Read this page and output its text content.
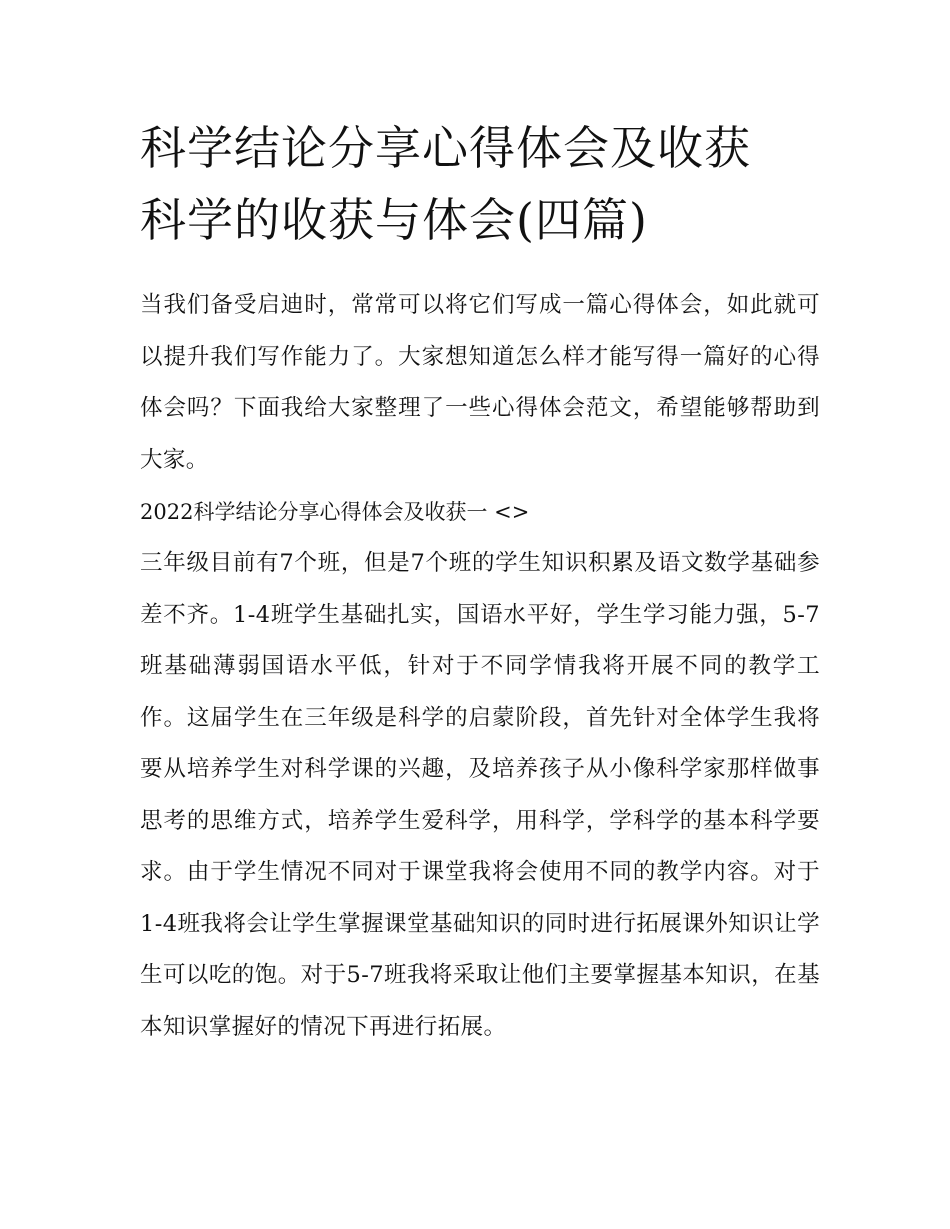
科学结论分享心得体会及收获
科学的收获与体会(四篇)

当我们备受启迪时，常常可以将它们写成一篇心得体会，如此就可以提升我们写作能力了。大家想知道怎么样才能写得一篇好的心得体会吗？下面我给大家整理了一些心得体会范文，希望能够帮助到大家。

2022科学结论分享心得体会及收获一 <>

三年级目前有7个班，但是7个班的学生知识积累及语文数学基础参差不齐。1-4班学生基础扎实，国语水平好，学生学习能力强，5-7班基础薄弱国语水平低，针对于不同学情我将开展不同的教学工作。这届学生在三年级是科学的启蒙阶段，首先针对全体学生我将要从培养学生对科学课的兴趣，及培养孩子从小像科学家那样做事思考的思维方式，培养学生爱科学，用科学，学科学的基本科学要求。由于学生情况不同对于课堂我将会使用不同的教学内容。对于1-4班我将会让学生掌握课堂基础知识的同时进行拓展课外知识让学生可以吃的饱。对于5-7班我将采取让他们主要掌握基本知识，在基本知识掌握好的情况下再进行拓展。
